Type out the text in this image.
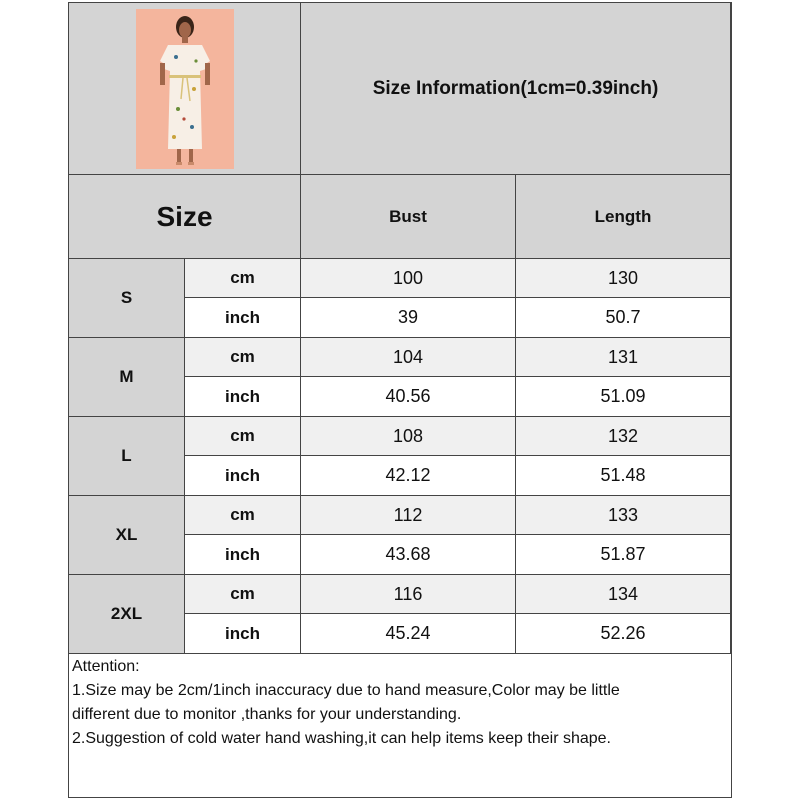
Size Information(1cm=0.39inch)
Size	Bust	Length
S
cm	100	130
inch	39	50.7
M
cm	104	131
inch	40.56	51.09
L
cm	108	132
inch	42.12	51.48
XL
cm	112	133
inch	43.68	51.87
2XL
cm	116	134
inch	45.24	52.26
Attention:
1.Size may be 2cm/1inch inaccuracy due to hand measure,Color may be little
different due to monitor ,thanks for your understanding.
2.Suggestion of cold water hand washing,it can help items keep their shape.
